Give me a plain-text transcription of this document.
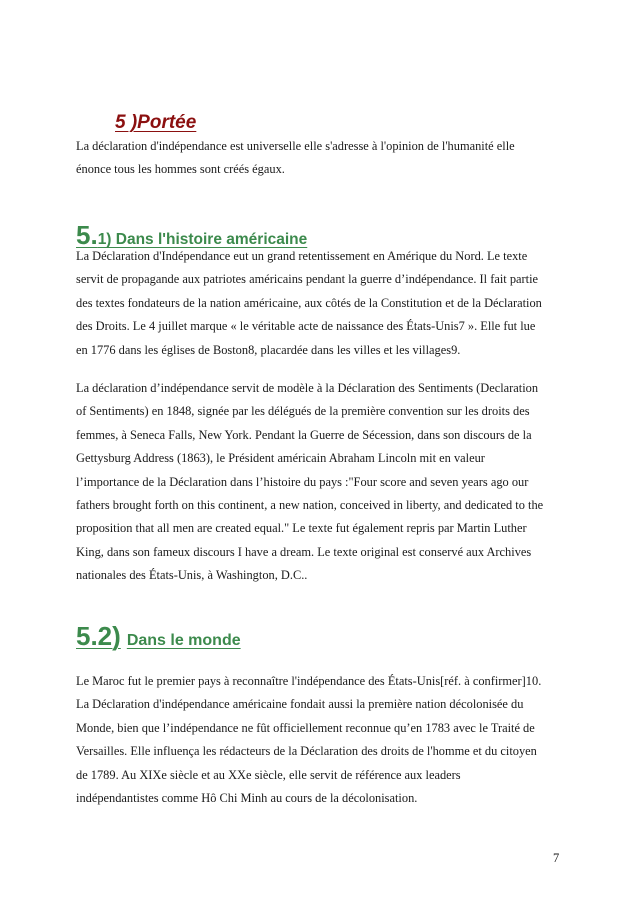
5 )Portée

La déclaration d'indépendance est universelle elle s'adresse à l'opinion de l'humanité elle
énonce tous les hommes sont créés égaux.

5.1) Dans l'histoire américaine

La Déclaration d'Indépendance eut un grand retentissement en Amérique du Nord. Le texte
servit de propagande aux patriotes américains pendant la guerre d’indépendance. Il fait partie
des textes fondateurs de la nation américaine, aux côtés de la Constitution et de la Déclaration
des Droits. Le 4 juillet marque « le véritable acte de naissance des États-Unis7 ». Elle fut lue
en 1776 dans les églises de Boston8, placardée dans les villes et les villages9.

La déclaration d’indépendance servit de modèle à la Déclaration des Sentiments (Declaration
of Sentiments) en 1848, signée par les délégués de la première convention sur les droits des
femmes, à Seneca Falls, New York. Pendant la Guerre de Sécession, dans son discours de la
Gettysburg Address (1863), le Président américain Abraham Lincoln mit en valeur
l’importance de la Déclaration dans l’histoire du pays :"Four score and seven years ago our
fathers brought forth on this continent, a new nation, conceived in liberty, and dedicated to the
proposition that all men are created equal." Le texte fut également repris par Martin Luther
King, dans son fameux discours I have a dream. Le texte original est conservé aux Archives
nationales des États-Unis, à Washington, D.C..

5.2) Dans le monde

Le Maroc fut le premier pays à reconnaître l'indépendance des États-Unis[réf. à confirmer]10.
La Déclaration d'indépendance américaine fondait aussi la première nation décolonisée du
Monde, bien que l’indépendance ne fût officiellement reconnue qu’en 1783 avec le Traité de
Versailles. Elle influença les rédacteurs de la Déclaration des droits de l'homme et du citoyen
de 1789. Au XIXe siècle et au XXe siècle, elle servit de référence aux leaders
indépendantistes comme Hô Chi Minh au cours de la décolonisation.

7
